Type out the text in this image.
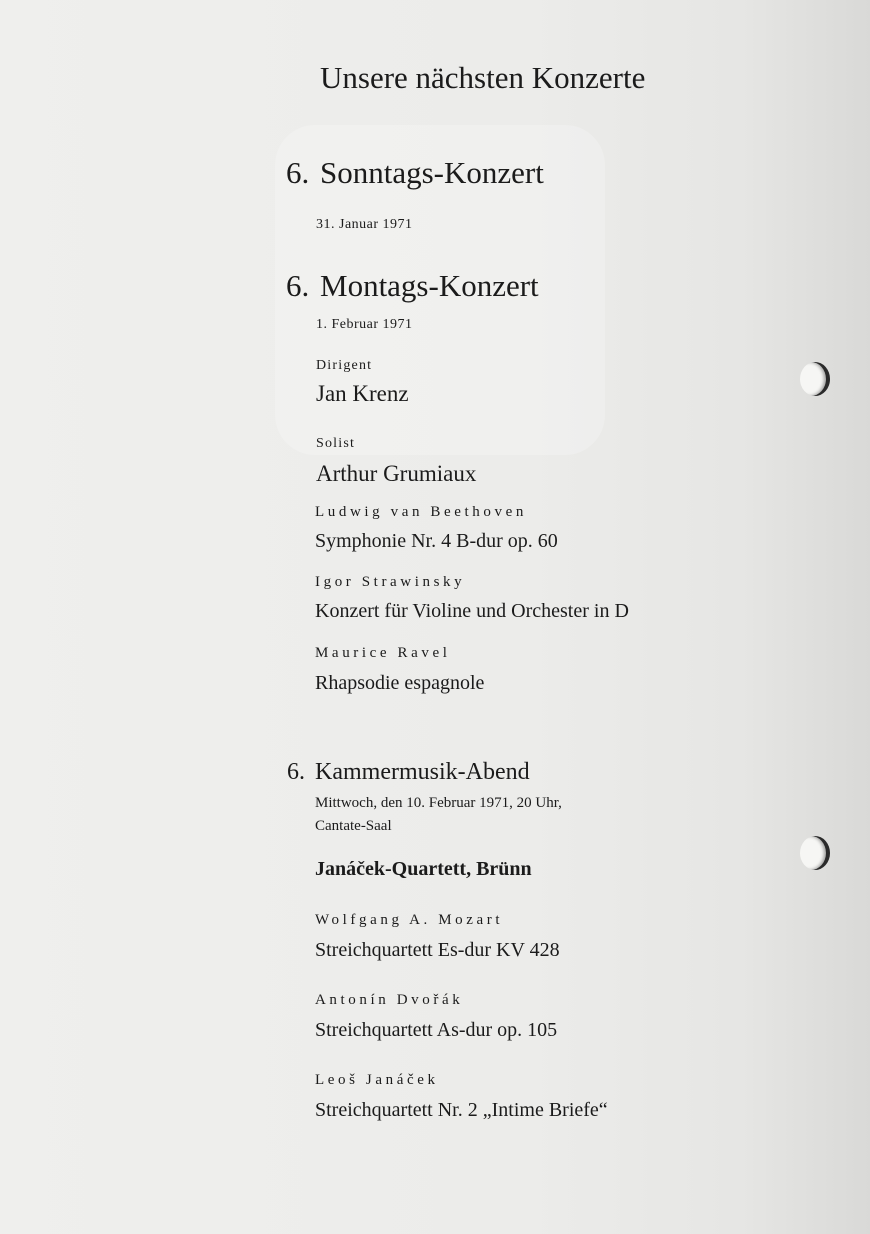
Unsere nächsten Konzerte
6. Sonntags-Konzert
31. Januar 1971
6. Montags-Konzert
1. Februar 1971
Dirigent
Jan Krenz
Solist
Arthur Grumiaux
Ludwig van Beethoven
Symphonie Nr. 4 B-dur op. 60
Igor Strawinsky
Konzert für Violine und Orchester in D
Maurice Ravel
Rhapsodie espagnole
6. Kammermusik-Abend
Mittwoch, den 10. Februar 1971, 20 Uhr,
Cantate-Saal
Janáček-Quartett, Brünn
Wolfgang A. Mozart
Streichquartett Es-dur KV 428
Antonín Dvořák
Streichquartett As-dur op. 105
Leoš Janáček
Streichquartett Nr. 2 „Intime Briefe“
